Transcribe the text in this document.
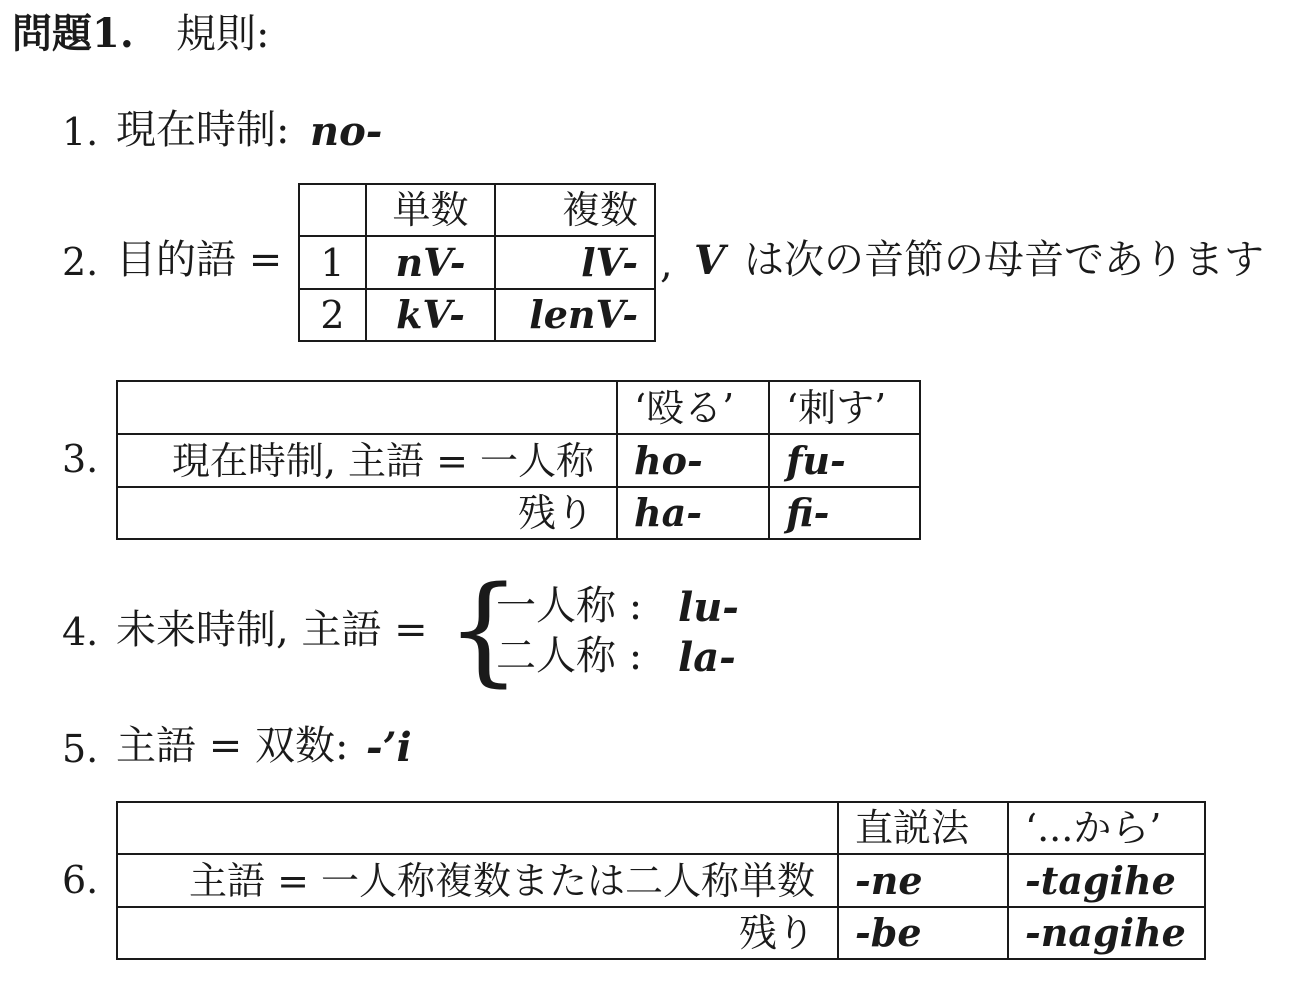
問題1. 規則:
1. 現在時制: no-
2. 目的語 =
	単数	複数
1	nV-	lV-
2	kV-	lenV-
, V は次の音節の母音であります
3.
	‘殴る’	‘刺す’
現在時制, 主語 = 一人称	ho-	fu-
残り	ha-	fi-
4. 未来時制, 主語 = {
一人称 : lu-
二人称 : la-
5. 主語 = 双数: -’i
6.
	直説法	‘...から’
主語 = 一人称複数または二人称単数	-ne	-tagihe
残り	-be	-nagihe
